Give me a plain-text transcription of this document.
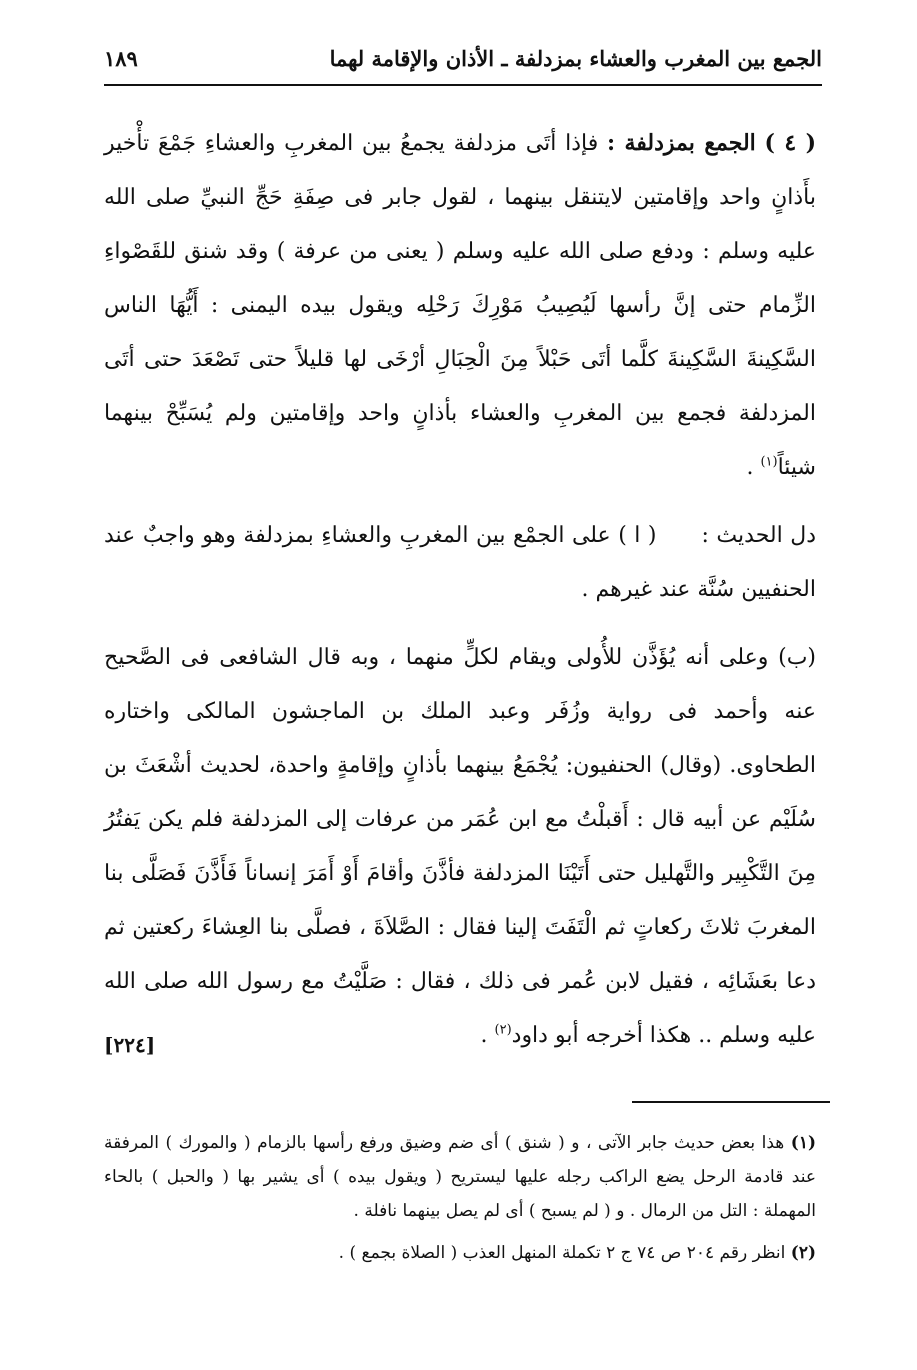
الجمع بين المغرب والعشاء بمزدلفة ـ الأذان والإقامة لهما
١٨٩

( ٤ ) الجمع بمزدلفة : فإذا أتَى مزدلفة يجمعُ بين المغربِ والعشاءِ جَمْعَ تأْخير بأَذانٍ واحد وإقامتين لايتنقل بينهما ، لقول جابر فى صِفَةِ حَجِّ النبيِّ صلى الله عليه وسلم : ودفع صلى الله عليه وسلم ( يعنى من عرفة ) وقد شنق للقَصْواءِ الزِّمام حتى إنَّ رأسها لَيُصِيبُ مَوْرِكَ رَحْلِه ويقول بيده اليمنى : أَيُّهَا الناس السَّكِينةَ السَّكِينةَ كلَّما أتَى حَبْلاً مِنَ الْحِبَالِ أرْخَى لها قليلاً حتى تَصْعَدَ حتى أتَى المزدلفة فجمع بين المغربِ والعشاء بأذانٍ واحد وإقامتين ولم يُسَبِّحْ بينهما شيئاً$^{(١)}$ .

دل الحديث :      ( ا ) على الجمْع بين المغربِ والعشاءِ بمزدلفة وهو واجبٌ عند الحنفيين سُنَّة عند غيرهم .

(ب) وعلى أنه يُؤَذَّن للأُولى ويقام لكلٍّ منهما ، وبه قال الشافعى فى الصَّحيح عنه وأحمد فى رواية وزُفَر وعبد الملك بن الماجشون المالكى واختاره الطحاوى. (وقال) الحنفيون: يُجْمَعُ بينهما بأذانٍ وإقامةٍ واحدة، لحديث أشْعَثَ بن سُلَيْم عن أبيه قال : أَقبلْتُ مع ابن عُمَر من عرفات إلى المزدلفة فلم يكن يَفتُرُ مِنَ التَّكْبِير والتَّهليل حتى أَتَيْنَا المزدلفة فأذَّنَ وأقامَ أَوْ أَمَرَ إنساناً فَأَذَّنَ فَصَلَّى بنا المغربَ ثلاثَ ركعاتٍ ثم الْتَفَتَ إلينا فقال : الصَّلاَةَ ، فصلَّى بنا العِشاءَ ركعتين ثم دعا بعَشَائِه ، فقيل لابن عُمر فى ذلك ، فقال : صَلَّيْتُ مع رسول الله صلى الله عليه وسلم .. هكذا أخرجه أبو داود$^{(٢)}$ .
[٢٢٤]

(١) هذا بعض حديث جابر الآتى ، و ( شنق ) أى ضم وضيق ورفع رأسها بالزمام ( والمورك ) المرفقة عند قادمة الرحل يضع الراكب رجله عليها ليستريح ( ويقول بيده ) أى يشير بها ( والحبل ) بالحاء المهملة : التل من الرمال . و ( لم يسبح ) أى لم يصل بينهما نافلة .

(٢) انظر رقم ٢٠٤ ص ٧٤ ج ٢ تكملة المنهل العذب ( الصلاة بجمع ) .
